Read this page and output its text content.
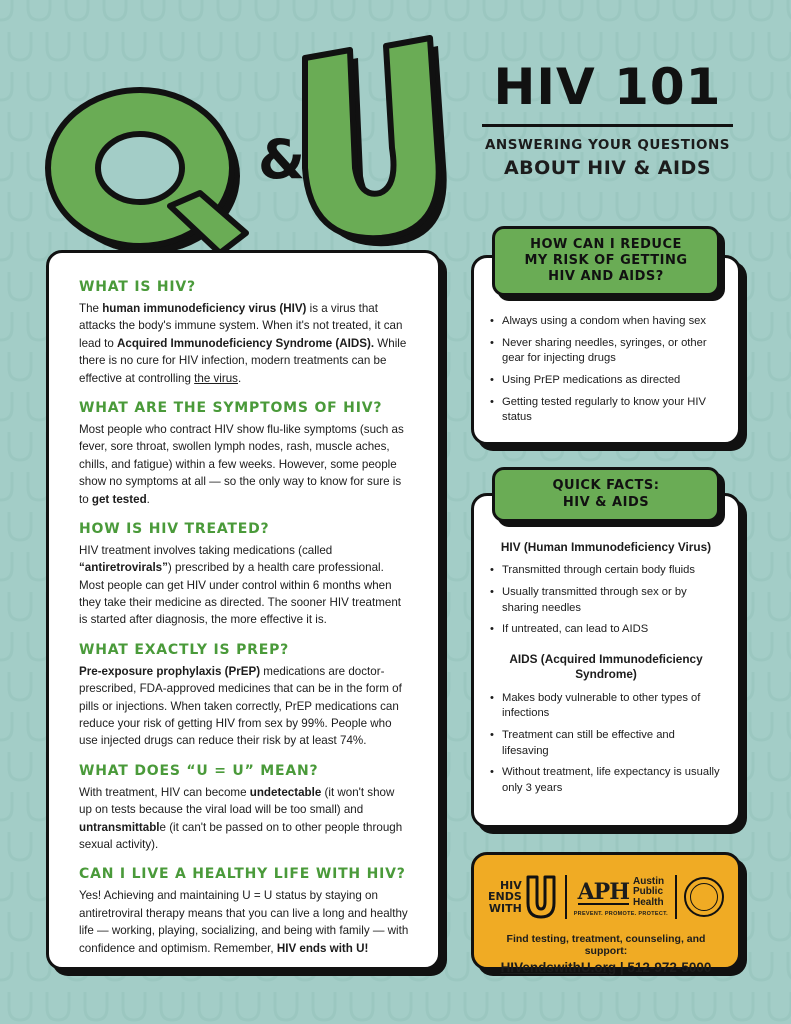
&
HIV 101
ANSWERING YOUR QUESTIONS
ABOUT HIV & AIDS
WHAT IS HIV?

The human immunodeficiency virus (HIV) is a virus that attacks the body's immune system. When it's not treated, it can lead to Acquired Immunodeficiency Syndrome (AIDS). While there is no cure for HIV infection, modern treatments can be effective at controlling the virus.

WHAT ARE THE SYMPTOMS OF HIV?

Most people who contract HIV show flu-like symptoms (such as fever, sore throat, swollen lymph nodes, rash, muscle aches, chills, and fatigue) within a few weeks. However, some people show no symptoms at all — so the only way to know for sure is to get tested.

HOW IS HIV TREATED?

HIV treatment involves taking medications (called “antiretrovirals”) prescribed by a health care professional. Most people can get HIV under control within 6 months when they take their medicine as directed. The sooner HIV treatment is started after diagnosis, the more effective it is.

WHAT EXACTLY IS PREP?

Pre-exposure prophylaxis (PrEP) medications are doctor-prescribed, FDA-approved medicines that can be in the form of pills or injections. When taken correctly, PrEP medications can reduce your risk of getting HIV from sex by 99%. People who use injected drugs can reduce their risk by at least 74%.

WHAT DOES “U = U” MEAN?

With treatment, HIV can become undetectable (it won't show up on tests because the viral load will be too small) and untransmittable (it can't be passed on to other people through sexual activity).

CAN I LIVE A HEALTHY LIFE WITH HIV?

Yes! Achieving and maintaining U = U status by staying on antiretroviral therapy means that you can live a long and healthy life — working, playing, socializing, and being with family — with confidence and optimism. Remember, HIV ends with U!

HOW CAN I REDUCE
MY RISK OF GETTING
HIV AND AIDS?
• Always using a condom when having sex
• Never sharing needles, syringes, or other gear for injecting drugs
• Using PrEP medications as directed
• Getting tested regularly to know your HIV status
QUICK FACTS:
HIV & AIDS
HIV (Human Immunodeficiency Virus)
• Transmitted through certain body fluids
• Usually transmitted through sex or by sharing needles
• If untreated, can lead to AIDS
AIDS (Acquired Immunodeficiency Syndrome)
• Makes body vulnerable to other types of infections
• Treatment can still be effective and lifesaving
• Without treatment, life expectancy is usually only 3 years
HIV
ENDS
WITH
APH Austin
Public
Health
PREVENT. PROMOTE. PROTECT.
Find testing, treatment, counseling, and support:
HIVendswithU.org | 512-972-5000
